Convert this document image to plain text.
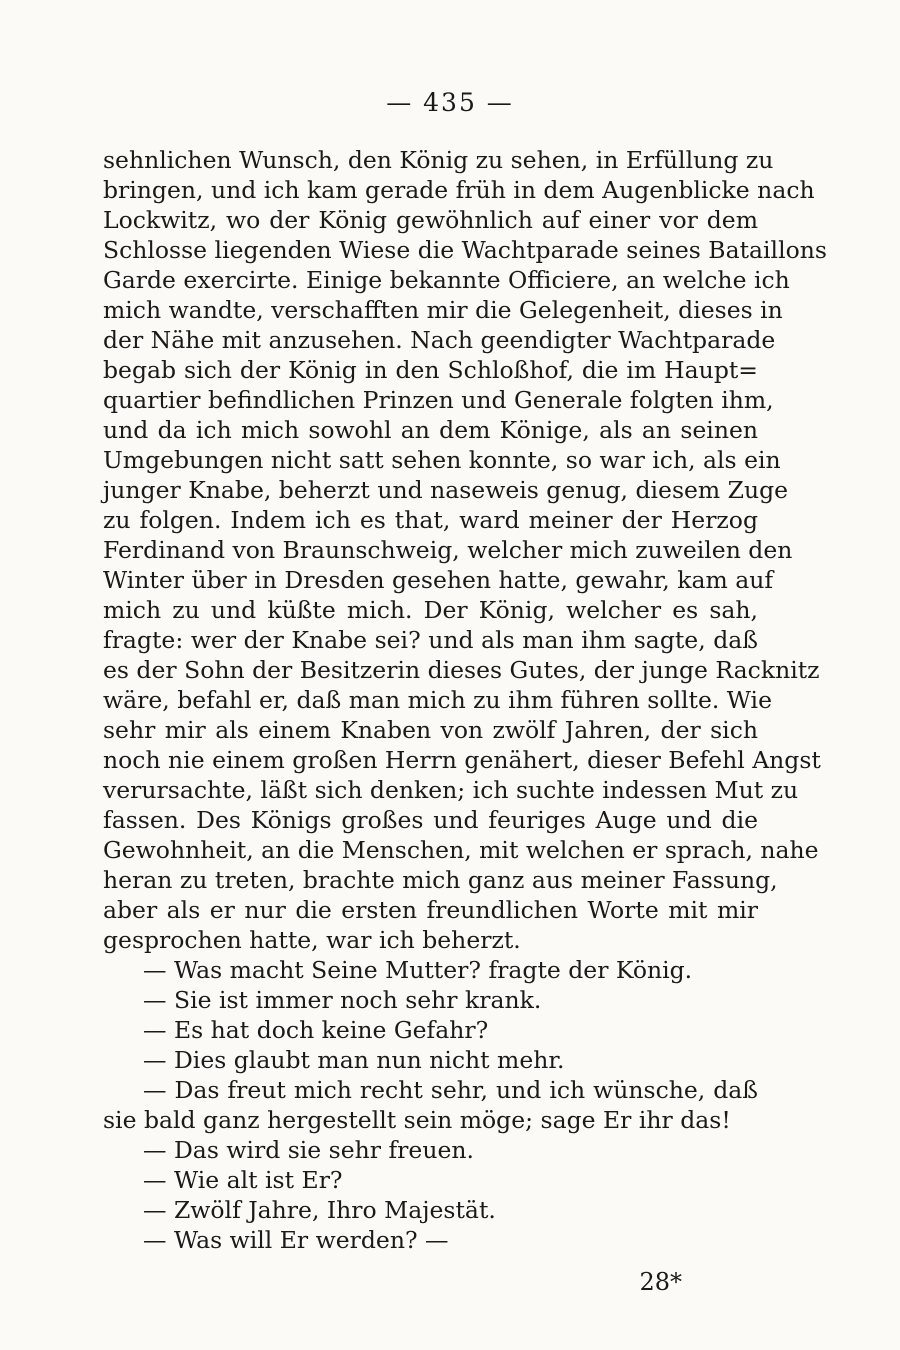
— 435 —
sehnlichen Wunsch, den König zu sehen, in Erfüllung zu
bringen, und ich kam gerade früh in dem Augenblicke nach
Lockwitz, wo der König gewöhnlich auf einer vor dem
Schlosse liegenden Wiese die Wachtparade seines Bataillons
Garde exercirte. Einige bekannte Officiere, an welche ich
mich wandte, verschafften mir die Gelegenheit, dieses in
der Nähe mit anzusehen. Nach geendigter Wachtparade
begab sich der König in den Schloßhof, die im Haupt=
quartier befindlichen Prinzen und Generale folgten ihm,
und da ich mich sowohl an dem Könige, als an seinen
Umgebungen nicht satt sehen konnte, so war ich, als ein
junger Knabe, beherzt und naseweis genug, diesem Zuge
zu folgen. Indem ich es that, ward meiner der Herzog
Ferdinand von Braunschweig, welcher mich zuweilen den
Winter über in Dresden gesehen hatte, gewahr, kam auf
mich zu und küßte mich. Der König, welcher es sah,
fragte: wer der Knabe sei? und als man ihm sagte, daß
es der Sohn der Besitzerin dieses Gutes, der junge Racknitz
wäre, befahl er, daß man mich zu ihm führen sollte. Wie
sehr mir als einem Knaben von zwölf Jahren, der sich
noch nie einem großen Herrn genähert, dieser Befehl Angst
verursachte, läßt sich denken; ich suchte indessen Mut zu
fassen. Des Königs großes und feuriges Auge und die
Gewohnheit, an die Menschen, mit welchen er sprach, nahe
heran zu treten, brachte mich ganz aus meiner Fassung,
aber als er nur die ersten freundlichen Worte mit mir
gesprochen hatte, war ich beherzt.
— Was macht Seine Mutter? fragte der König.
— Sie ist immer noch sehr krank.
— Es hat doch keine Gefahr?
— Dies glaubt man nun nicht mehr.
— Das freut mich recht sehr, und ich wünsche, daß
sie bald ganz hergestellt sein möge; sage Er ihr das!
— Das wird sie sehr freuen.
— Wie alt ist Er?
— Zwölf Jahre, Ihro Majestät.
— Was will Er werden? —
28*
